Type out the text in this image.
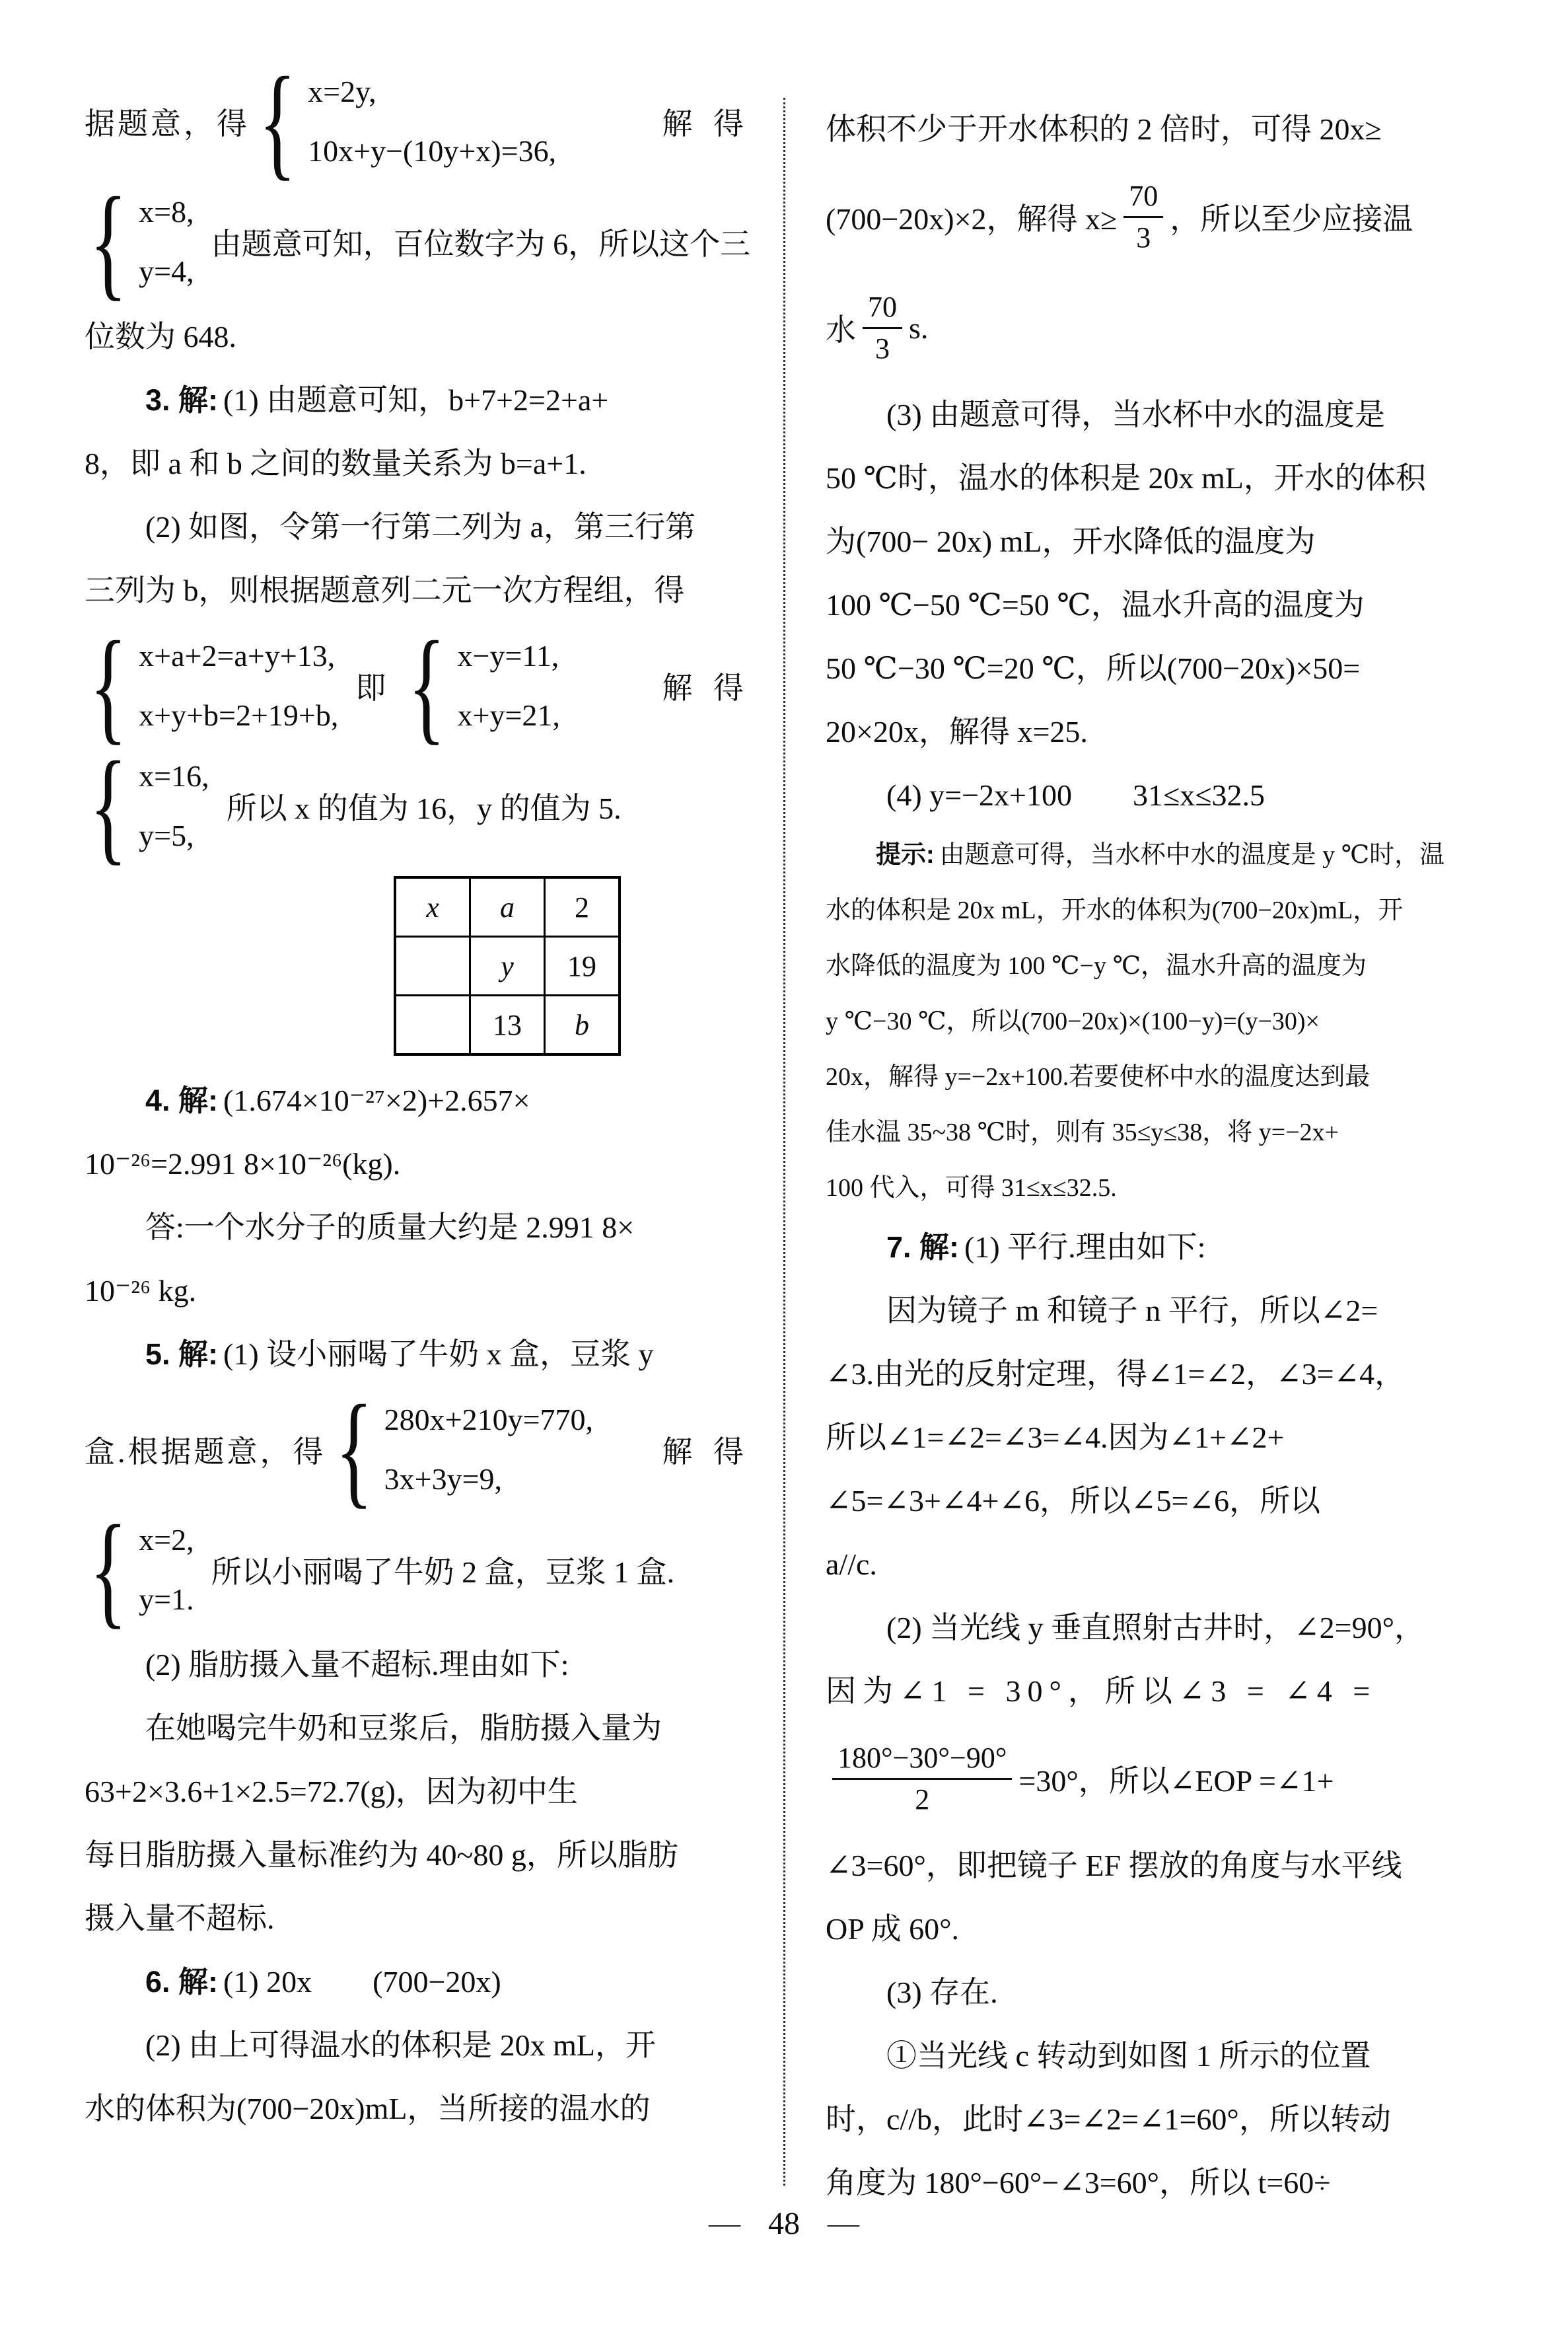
据题意，得 { x=2y,
10x+y−(10y+x)=36,
解 得
{ x=8,
y=4,
由题意可知，百位数字为 6，所以这个三
位数为 648.
3. 解: (1) 由题意可知，b+7+2=2+a+
8，即 a 和 b 之间的数量关系为 b=a+1.
(2) 如图，令第一行第二列为 a，第三行第
三列为 b，则根据题意列二元一次方程组，得
{ x+a+2=a+y+13,
x+y+b=2+19+b,
即 { x−y=11,
x+y=21,
解 得
{ x=16,
y=5,
所以 x 的值为 16，y 的值为 5.
x	a	2
	y	19
	13	b
4. 解: (1.674×10⁻²⁷×2)+2.657×
10⁻²⁶=2.991 8×10⁻²⁶(kg).
答:一个水分子的质量大约是 2.991 8×
10⁻²⁶ kg.
5. 解: (1) 设小丽喝了牛奶 x 盒，豆浆 y
盒.根据题意，得 { 280x+210y=770,
3x+3y=9,
解 得
{ x=2,
y=1.
所以小丽喝了牛奶 2 盒，豆浆 1 盒.
(2) 脂肪摄入量不超标.理由如下:
在她喝完牛奶和豆浆后，脂肪摄入量为
63+2×3.6+1×2.5=72.7(g)，因为初中生
每日脂肪摄入量标准约为 40~80 g，所以脂肪
摄入量不超标.
6. 解: (1) 20x　　(700−20x)
(2) 由上可得温水的体积是 20x mL，开
水的体积为(700−20x)mL，当所接的温水的
体积不少于开水体积的 2 倍时，可得 20x≥
(700−20x)×2，解得 $x\ge \frac{70}{3}$ ，所以至少应接温
水 $\frac{70}{3} s$.
(3) 由题意可得，当水杯中水的温度是
50 ℃时，温水的体积是 20x mL，开水的体积
为(700− 20x) mL，开水降低的温度为
100 ℃−50 ℃=50 ℃，温水升高的温度为
50 ℃−30 ℃=20 ℃，所以(700−20x)×50=
20×20x，解得 x=25.
(4) y=−2x+100　　31≤x≤32.5
提示: 由题意可得，当水杯中水的温度是 y ℃时，温
水的体积是 20x mL，开水的体积为(700−20x)mL，开
水降低的温度为 100 ℃−y ℃，温水升高的温度为
y ℃−30 ℃，所以(700−20x)×(100−y)=(y−30)×
20x，解得 y=−2x+100.若要使杯中水的温度达到最
佳水温 35~38 ℃时，则有 35≤y≤38，将 y=−2x+
100 代入，可得 31≤x≤32.5.
7. 解: (1) 平行.理由如下:
因为镜子 m 和镜子 n 平行，所以∠2=
∠3.由光的反射定理，得∠1=∠2，∠3=∠4，
所以∠1=∠2=∠3=∠4.因为∠1+∠2+
∠5=∠3+∠4+∠6，所以∠5=∠6，所以
a//c.
(2) 当光线 y 垂直照射古井时，∠2=90°，
因为∠1 = 30°，所以∠3 = ∠4 =
$\frac{180^\circ-30^\circ-90^\circ}{2} =30^\circ$，所以∠EOP =∠1+
∠3=60°，即把镜子 EF 摆放的角度与水平线
OP 成 60°.
(3) 存在.
①当光线 c 转动到如图 1 所示的位置
时，c//b，此时∠3=∠2=∠1=60°，所以转动
角度为 180°−60°−∠3=60°，所以 t=60÷
— 48 —
